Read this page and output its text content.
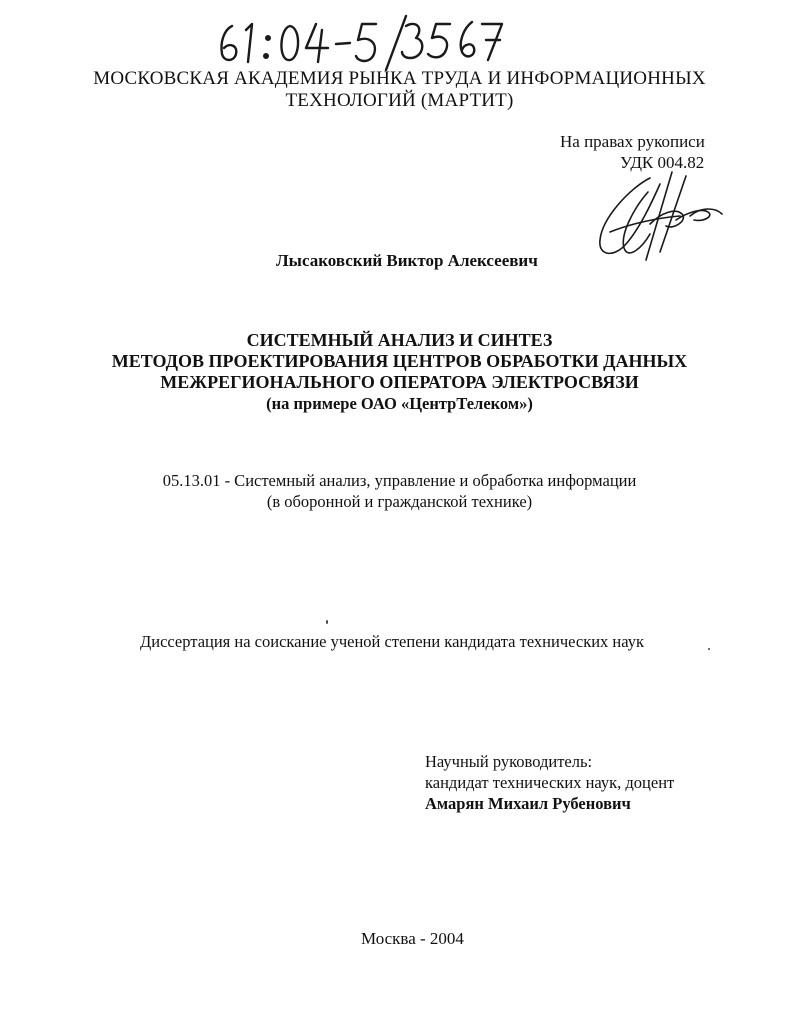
МОСКОВСКАЯ АКАДЕМИЯ РЫНКА ТРУДА И ИНФОРМАЦИОННЫХ
ТЕХНОЛОГИЙ (МАРТИТ)
На правах рукописи
УДК 004.82
Лысаковский Виктор Алексеевич
СИСТЕМНЫЙ АНАЛИЗ И СИНТЕЗ
МЕТОДОВ ПРОЕКТИРОВАНИЯ ЦЕНТРОВ ОБРАБОТКИ ДАННЫХ
МЕЖРЕГИОНАЛЬНОГО ОПЕРАТОРА ЭЛЕКТРОСВЯЗИ
(на примере ОАО «ЦентрТелеком»)
05.13.01 - Системный анализ, управление и обработка информации
(в оборонной и гражданской технике)
Диссертация на соискание ученой степени кандидата технических наук
Научный руководитель:
кандидат технических наук, доцент
Амарян Михаил Рубенович
Москва - 2004
